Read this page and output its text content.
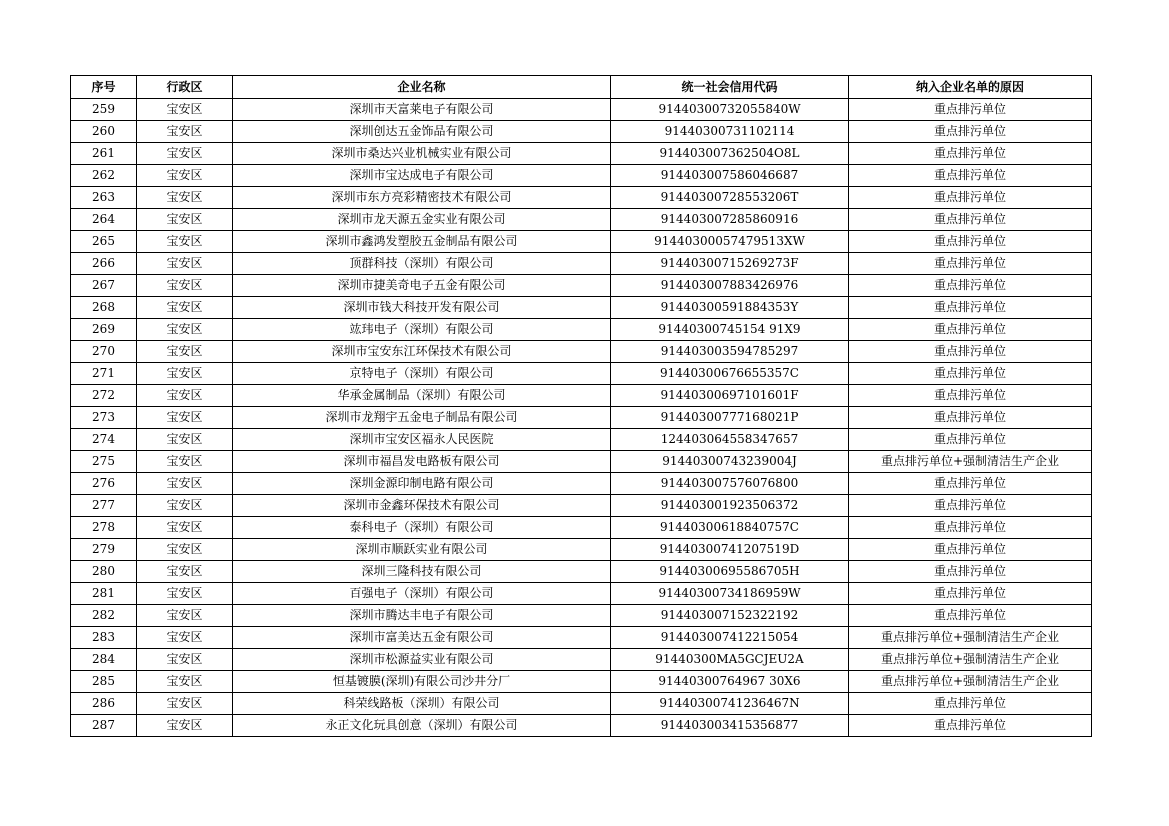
序号	行政区	企业名称	统一社会信用代码	纳入企业名单的原因
259	宝安区	深圳市天富莱电子有限公司	91440300732055840W	重点排污单位
260	宝安区	深圳创达五金饰品有限公司	91440300731102114	重点排污单位
261	宝安区	深圳市桑达兴业机械实业有限公司	914403007362504O8L	重点排污单位
262	宝安区	深圳市宝达成电子有限公司	914403007586046687	重点排污单位
263	宝安区	深圳市东方亮彩精密技术有限公司	91440300728553206T	重点排污单位
264	宝安区	深圳市龙天源五金实业有限公司	914403007285860916	重点排污单位
265	宝安区	深圳市鑫鸿发塑胶五金制品有限公司	91440300057479513XW	重点排污单位
266	宝安区	顶群科技（深圳）有限公司	91440300715269273F	重点排污单位
267	宝安区	深圳市捷美奇电子五金有限公司	914403007883426976	重点排污单位
268	宝安区	深圳市钱大科技开发有限公司	91440300591884353Y	重点排污单位
269	宝安区	竑玮电子（深圳）有限公司	91440300745154 91X9	重点排污单位
270	宝安区	深圳市宝安东江环保技术有限公司	914403003594785297	重点排污单位
271	宝安区	京特电子（深圳）有限公司	91440300676655357C	重点排污单位
272	宝安区	华承金属制品（深圳）有限公司	91440300697101601F	重点排污单位
273	宝安区	深圳市龙翔宇五金电子制品有限公司	91440300777168021P	重点排污单位
274	宝安区	深圳市宝安区福永人民医院	124403064558347657	重点排污单位
275	宝安区	深圳市福昌发电路板有限公司	91440300743239004J	重点排污单位+强制清洁生产企业
276	宝安区	深圳金源印制电路有限公司	914403007576076800	重点排污单位
277	宝安区	深圳市金鑫环保技术有限公司	914403001923506372	重点排污单位
278	宝安区	泰科电子（深圳）有限公司	91440300618840757C	重点排污单位
279	宝安区	深圳市顺跃实业有限公司	91440300741207519D	重点排污单位
280	宝安区	深圳三隆科技有限公司	91440300695586705H	重点排污单位
281	宝安区	百强电子（深圳）有限公司	91440300734186959W	重点排污单位
282	宝安区	深圳市腾达丰电子有限公司	914403007152322192	重点排污单位
283	宝安区	深圳市富美达五金有限公司	914403007412215054	重点排污单位+强制清洁生产企业
284	宝安区	深圳市松源益实业有限公司	91440300MA5GCJEU2A	重点排污单位+强制清洁生产企业
285	宝安区	恒基镀膜(深圳)有限公司沙井分厂	91440300764967 30X6	重点排污单位+强制清洁生产企业
286	宝安区	科荣线路板（深圳）有限公司	91440300741236467N	重点排污单位
287	宝安区	永正文化玩具创意（深圳）有限公司	914403003415356877	重点排污单位
